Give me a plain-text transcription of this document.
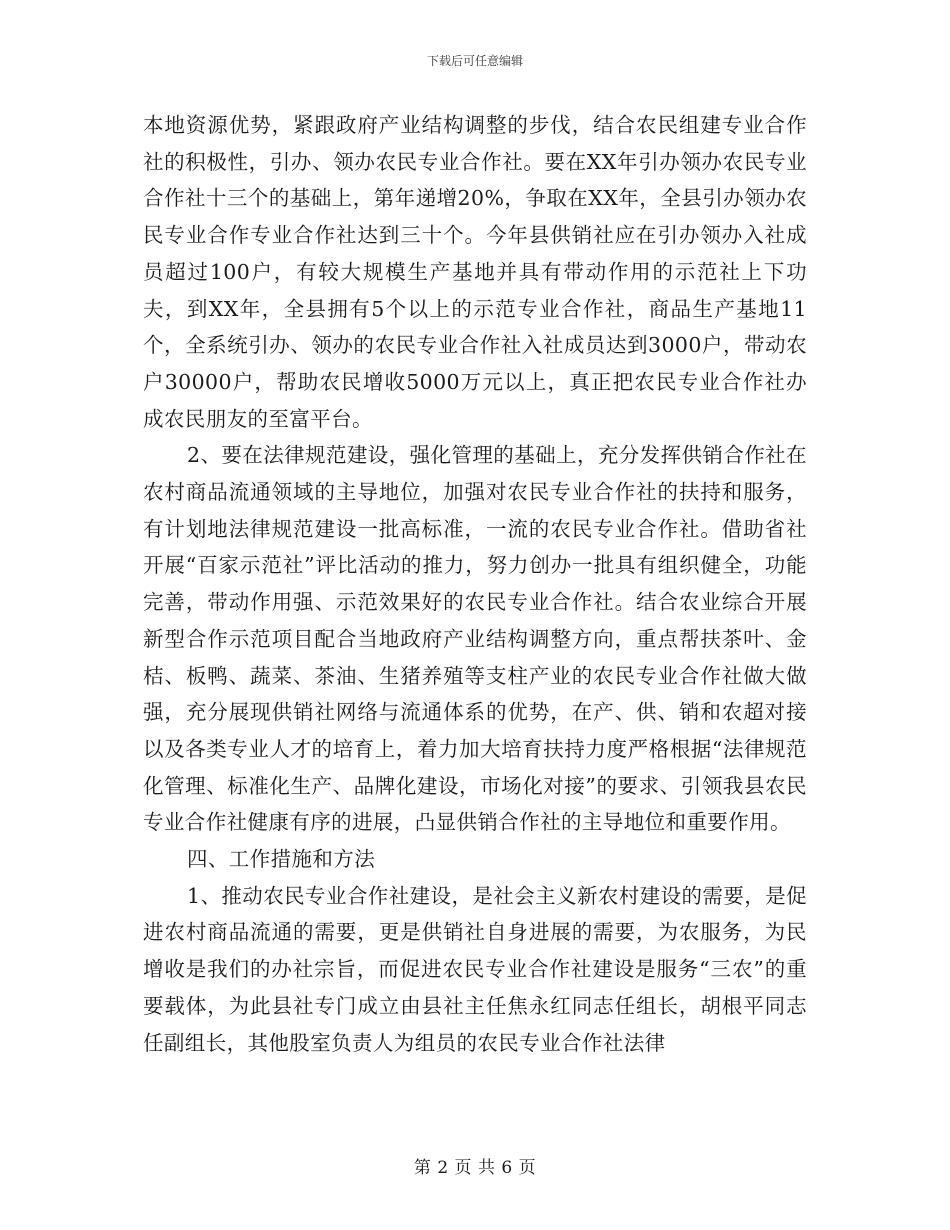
下载后可任意编辑

本地资源优势，紧跟政府产业结构调整的步伐，结合农民组建专业合作社的积极性，引办、领办农民专业合作社。要在XX年引办领办农民专业合作社十三个的基础上，第年递增20%，争取在XX年，全县引办领办农民专业合作专业合作社达到三十个。今年县供销社应在引办领办入社成员超过100户，有较大规模生产基地并具有带动作用的示范社上下功夫，到XX年，全县拥有5个以上的示范专业合作社，商品生产基地11个，全系统引办、领办的农民专业合作社入社成员达到3000户，带动农户30000户，帮助农民增收5000万元以上，真正把农民专业合作社办成农民朋友的至富平台。

2、要在法律规范建设，强化管理的基础上，充分发挥供销合作社在农村商品流通领域的主导地位，加强对农民专业合作社的扶持和服务，有计划地法律规范建设一批高标准，一流的农民专业合作社。借助省社开展“百家示范社”评比活动的推力，努力创办一批具有组织健全，功能完善，带动作用强、示范效果好的农民专业合作社。结合农业综合开展新型合作示范项目配合当地政府产业结构调整方向，重点帮扶茶叶、金桔、板鸭、蔬菜、茶油、生猪养殖等支柱产业的农民专业合作社做大做强，充分展现供销社网络与流通体系的优势，在产、供、销和农超对接以及各类专业人才的培育上，着力加大培育扶持力度严格根据“法律规范化管理、标准化生产、品牌化建设，市场化对接”的要求、引领我县农民专业合作社健康有序的进展，凸显供销合作社的主导地位和重要作用。

四、工作措施和方法

1、推动农民专业合作社建设，是社会主义新农村建设的需要，是促进农村商品流通的需要，更是供销社自身进展的需要，为农服务，为民增收是我们的办社宗旨，而促进农民专业合作社建设是服务“三农”的重要载体，为此县社专门成立由县社主任焦永红同志任组长，胡根平同志任副组长，其他股室负责人为组员的农民专业合作社法律

第 2 页 共 6 页
